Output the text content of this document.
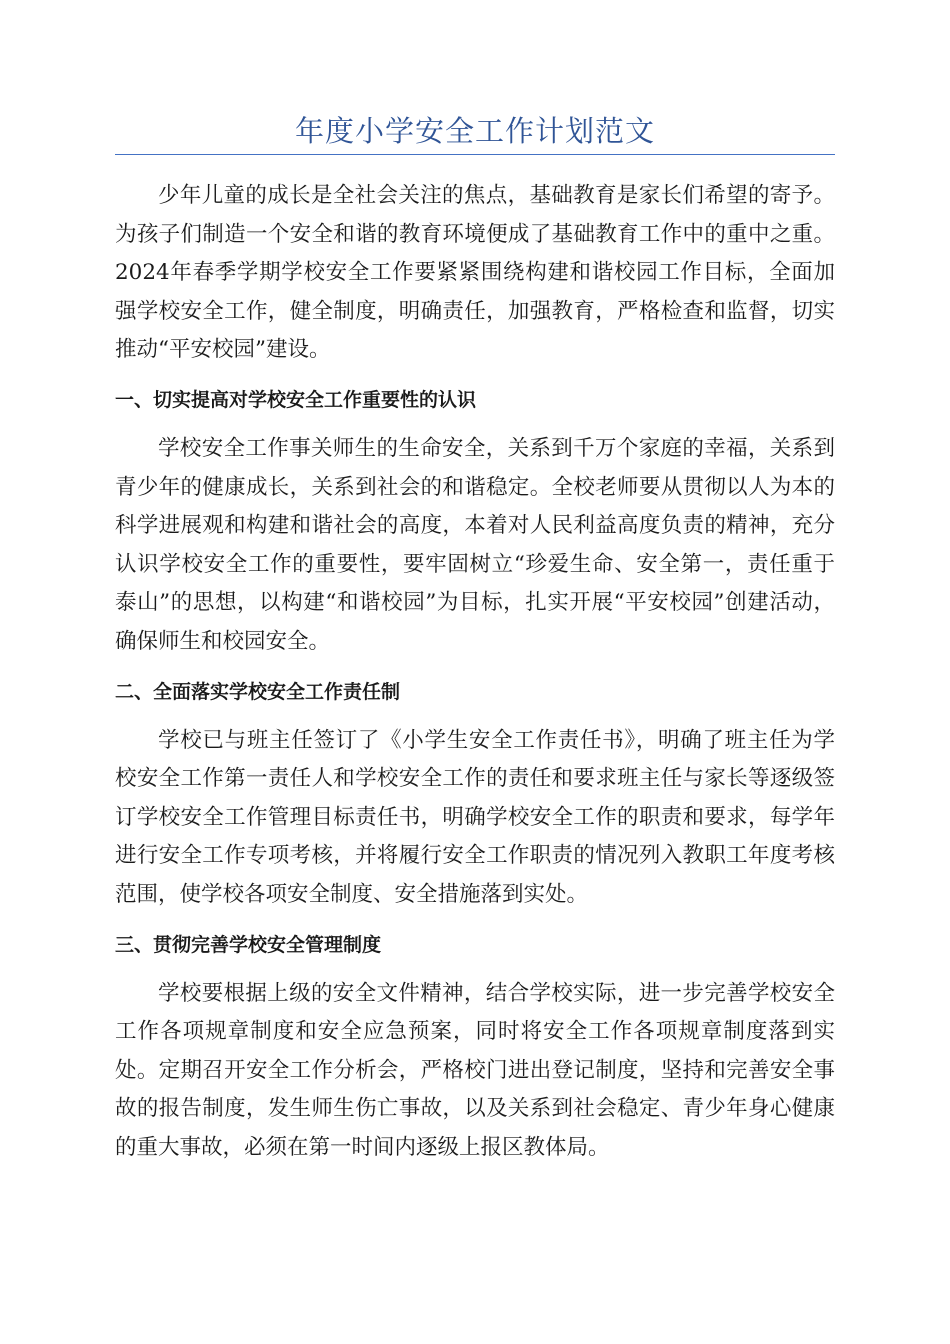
年度小学安全工作计划范文

少年儿童的成长是全社会关注的焦点，基础教育是家长们希望的寄予。为孩子们制造一个安全和谐的教育环境便成了基础教育工作中的重中之重。2024年春季学期学校安全工作要紧紧围绕构建和谐校园工作目标，全面加强学校安全工作，健全制度，明确责任，加强教育，严格检查和监督，切实推动“平安校园”建设。

一、切实提高对学校安全工作重要性的认识

学校安全工作事关师生的生命安全，关系到千万个家庭的幸福，关系到青少年的健康成长，关系到社会的和谐稳定。全校老师要从贯彻以人为本的科学进展观和构建和谐社会的高度，本着对人民利益高度负责的精神，充分认识学校安全工作的重要性，要牢固树立“珍爱生命、安全第一，责任重于泰山”的思想，以构建“和谐校园”为目标，扎实开展“平安校园”创建活动，确保师生和校园安全。

二、全面落实学校安全工作责任制

学校已与班主任签订了《小学生安全工作责任书》，明确了班主任为学校安全工作第一责任人和学校安全工作的责任和要求班主任与家长等逐级签订学校安全工作管理目标责任书，明确学校安全工作的职责和要求，每学年进行安全工作专项考核，并将履行安全工作职责的情况列入教职工年度考核范围，使学校各项安全制度、安全措施落到实处。

三、贯彻完善学校安全管理制度

学校要根据上级的安全文件精神，结合学校实际，进一步完善学校安全工作各项规章制度和安全应急预案，同时将安全工作各项规章制度落到实处。定期召开安全工作分析会，严格校门进出登记制度，坚持和完善安全事故的报告制度，发生师生伤亡事故，以及关系到社会稳定、青少年身心健康的重大事故，必须在第一时间内逐级上报区教体局。
